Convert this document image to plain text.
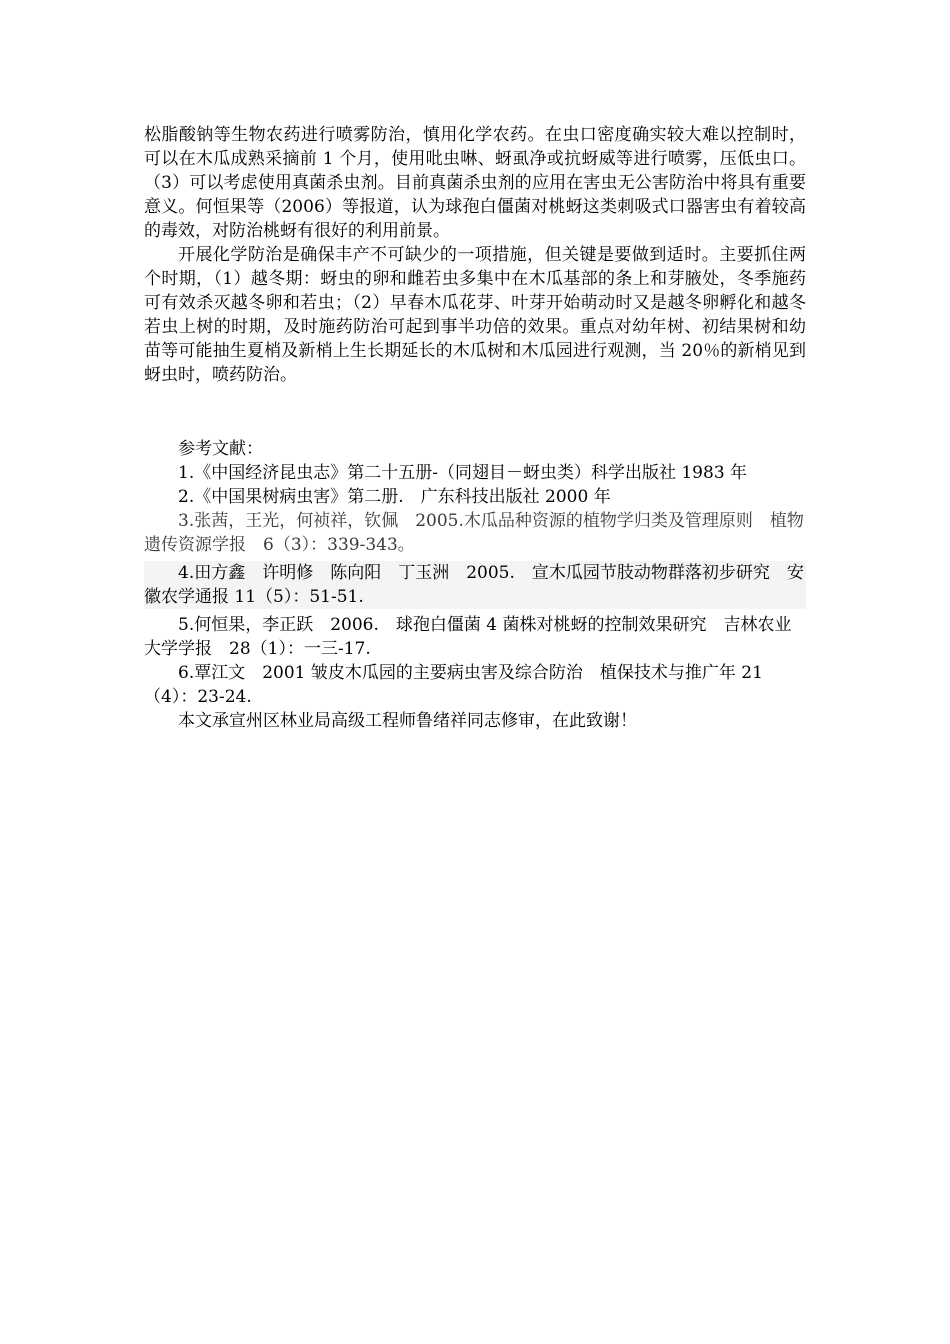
松脂酸钠等生物农药进行喷雾防治，慎用化学农药。在虫口密度确实较大难以控制时，可以在木瓜成熟采摘前 1 个月，使用吡虫啉、蚜虱净或抗蚜威等进行喷雾，压低虫口。（3）可以考虑使用真菌杀虫剂。目前真菌杀虫剂的应用在害虫无公害防治中将具有重要意义。何恒果等（2006）等报道，认为球孢白僵菌对桃蚜这类刺吸式口器害虫有着较高的毒效，对防治桃蚜有很好的利用前景。

开展化学防治是确保丰产不可缺少的一项措施，但关键是要做到适时。主要抓住两个时期，（1）越冬期：蚜虫的卵和雌若虫多集中在木瓜基部的条上和芽腋处，冬季施药可有效杀灭越冬卵和若虫；（2）早春木瓜花芽、叶芽开始萌动时又是越冬卵孵化和越冬若虫上树的时期，及时施药防治可起到事半功倍的效果。重点对幼年树、初结果树和幼苗等可能抽生夏梢及新梢上生长期延长的木瓜树和木瓜园进行观测，当 20％的新梢见到蚜虫时，喷药防治。

参考文献：

1.《中国经济昆虫志》第二十五册-（同翅目－蚜虫类）科学出版社 1983 年

2.《中国果树病虫害》第二册.　广东科技出版社 2000 年

3.张茜，王光，何祯祥，钦佩　2005.木瓜品种资源的植物学归类及管理原则　植物遗传资源学报　6（3）：339-343。

4.田方鑫　许明修　陈向阳　丁玉洲　2005.　宣木瓜园节肢动物群落初步研究　安徽农学通报 11（5）：51-51.

5.何恒果，李正跃　2006.　球孢白僵菌 4 菌株对桃蚜的控制效果研究　吉林农业大学学报　28（1）：一三-17.

6.覃江文　2001 皱皮木瓜园的主要病虫害及综合防治　植保技术与推广年 21（4）：23-24.

本文承宣州区林业局高级工程师鲁绪祥同志修审，在此致谢！
